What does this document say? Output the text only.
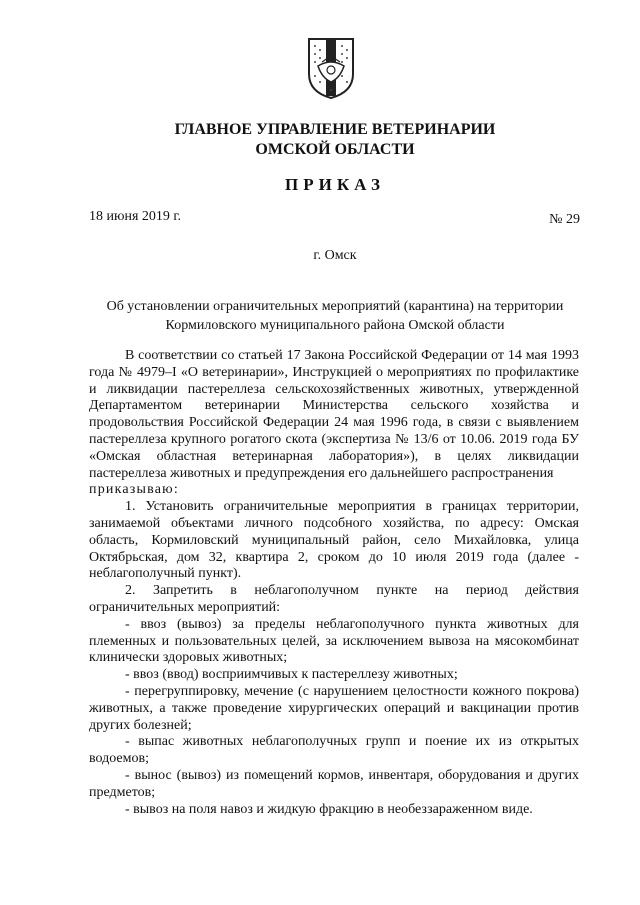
ГЛАВНОЕ УПРАВЛЕНИЕ ВЕТЕРИНАРИИ
ОМСКОЙ ОБЛАСТИ
ПРИКАЗ
18 июня 2019 г.	№ 29
г. Омск
Об установлении ограничительных мероприятий (карантина) на территории
Кормиловского муниципального района Омской области

В соответствии со статьей 17 Закона Российской Федерации от 14 мая 1993 года № 4979–I «О ветеринарии», Инструкцией о мероприятиях по профилактике и ликвидации пастереллеза сельскохозяйственных животных, утвержденной Департаментом ветеринарии Министерства сельского хозяйства и продовольствия Российской Федерации 24 мая 1996 года, в связи с выявлением пастереллеза крупного рогатого скота (экспертиза № 13/6 от 10.06. 2019 года БУ «Омская областная ветеринарная лаборатория»), в целях ликвидации пастереллеза животных и предупреждения его дальнейшего распространения

приказываю:

1. Установить ограничительные мероприятия в границах территории, занимаемой объектами личного подсобного хозяйства, по адресу: Омская область, Кормиловский муниципальный район, село Михайловка, улица Октябрьская, дом 32, квартира 2, сроком до 10 июля 2019 года (далее - неблагополучный пункт).

2. Запретить в неблагополучном пункте на период действия ограничительных мероприятий:

- ввоз (вывоз) за пределы неблагополучного пункта животных для племенных и пользовательных целей, за исключением вывоза на мясокомбинат клинически здоровых животных;

- ввоз (ввод) восприимчивых к пастереллезу животных;

- перегруппировку, мечение (с нарушением целостности кожного покрова) животных, а также проведение хирургических операций и вакцинации против других болезней;

- выпас животных неблагополучных групп и поение их из открытых водоемов;

- вынос (вывоз) из помещений кормов, инвентаря, оборудования и других предметов;

- вывоз на поля навоз и жидкую фракцию в необеззараженном виде.
